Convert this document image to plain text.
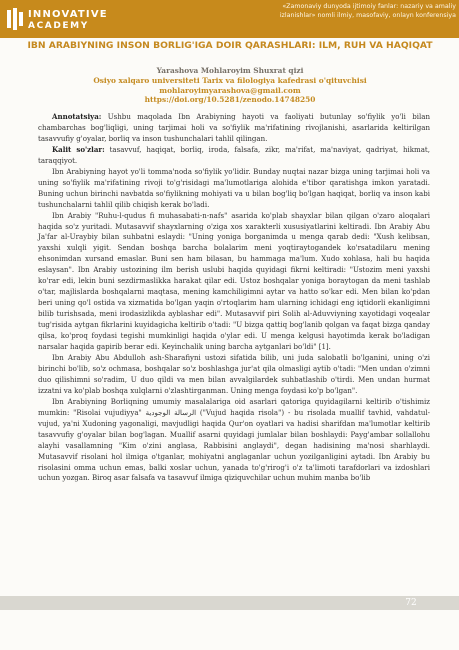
INNOVATIVE
ACADEMY
«Zamonaviy dunyoda ijtimoiy fanlar: nazariy va amaliy
izlanishlar» nomli ilmiy, masofaviy, onlayn konferensiya
IBN ARABIYNING INSON BORLIG'IGA DOIR QARASHLARI: ILM, RUH VA HAQIQAT
Yarashova Mohlaroyim Shuxrat qizi
Osiyo xalqaro universiteti Tarix va filologiya kafedrasi o'qituvchisi
mohlaroyimyarashova@gmail.com
https://doi.org/10.5281/zenodo.14748250

Annotatsiya: Ushbu maqolada Ibn Arabiyning hayoti va faoliyati butunlay so'fiylik yo'li bilan chambarchas bog'liqligi, uning tarjimai holi va so'fiylik ma'rifatining rivojlanishi, asarlarida keltirilgan tasavvufiy g'oyalar, borliq va inson tushunchalari tahlil qilingan.

Kalit so'zlar: tasavvuf, haqiqat, borliq, iroda, falsafa, zikr, ma'rifat, ma'naviyat, qadriyat, hikmat, taraqqiyot.

Ibn Arabiyning hayot yo'li tomma'noda so'fiylik yo'lidir. Bunday nuqtai nazar bizga uning tarjimai holi va uning so'fiylik ma'rifatining rivoji to'g'risidagi ma'lumotlariga alohida e'tibor qaratishga imkon yaratadi. Buning uchun birinchi navbatda so'fiylikning mohiyati va u bilan bog'liq bo'lgan haqiqat, borliq va inson kabi tushunchalarni tahlil qilib chiqish kerak bo'ladi.

Ibn Arabiy "Ruhu-l-qudus fi muhasabati-n-nafs" asarida ko'plab shayxlar bilan qilgan o'zaro aloqalari haqida so'z yuritadi. Mutasavvif shayxlarning o'ziga xos xarakterli xususiyatlarini keltiradi. Ibn Arabiy Abu Ja'far al-Uraybiy bilan suhbatni eslaydi: "Uning yoniga borganimda u menga qarab dedi: "Xush kelibsan, yaxshi xulqli yigit. Sendan boshqa barcha bolalarim meni yoqtiraytogandek ko'rsatadilaru mening ehsonimdan xursand emaslar. Buni sen ham bilasan, bu hammaga ma'lum. Xudo xohlasa, hali bu haqida eslaysan". Ibn Arabiy ustozining ilm berish uslubi haqida quyidagi fikrni keltiradi: "Ustozim meni yaxshi ko'rar edi, lekin buni sezdirmaslikka harakat qilar edi. Ustoz boshqalar yoniga boraytogan da meni tashlab o'tar, majlislarda boshqalarni maqtasa, mening kamchiligimni aytar va hatto so'kar edi. Men bilan ko'pdan beri uning qo'l ostida va xizmatida bo'lgan yaqin o'rtoqlarim ham ularning ichidagi eng iqtidorli ekanligimni bilib turishsada, meni irodasizlikda ayblashar edi". Mutasavvif piri Solih al-Aduvviyning xayotidagi voqealar tug'risida aytgan fikrlarini kuyidagicha keltirib o'tadi: "U bizga qattiq bog'lanib qolgan va faqat bizga qanday qilsa, ko'proq foydasi tegishi mumkinligi haqida o'ylar edi. U menga kelgusi hayotimda kerak bo'ladigan narsalar haqida gapirib berar edi. Keyinchalik uning barcha aytganlari bo'ldi" [1].

Ibn Arabiy Abu Abdulloh ash-Sharafiyni ustozi sifatida bilib, uni juda salobatli bo'lganini, uning o'zi birinchi bo'lib, so'z ochmasa, boshqalar so'z boshlashga jur'at qila olmasligi aytib o'tadi: "Men undan o'zimni duo qilishimni so'radim, U duo qildi va men bilan avvalgilardek suhbatlashib o'tirdi. Men undan hurmat izzatni va ko'plab boshqa xulqlarni o'zlashtirganman. Uning menga foydasi ko'p bo'lgan".

Ibn Arabiyning Borliqning umumiy masalalariga oid asarlari qatoriga quyidagilarni keltirib o'tishimiz mumkin: "Risolai vujudiyya" الرسالة الوجودية ("Vujud haqida risola") - bu risolada muallif tavhid, vahdatul-vujud, ya'ni Xudoning yagonaligi, mavjudligi haqida Qur'on oyatlari va hadisi sharifdan ma'lumotlar keltirib tasavvufiy g'oyalar bilan bog'lagan. Muallif asarni quyidagi jumlalar bilan boshlaydi: Payg'ambar sollallohu alayhi vasallamning "Kim o'zini anglasa, Rabbisini anglaydi", degan hadisining ma'nosi sharhlaydi. Mutasavvif risolani hol ilmiga o'tganlar, mohiyatni anglaganlar uchun yozilganligini aytadi. Ibn Arabiy bu risolasini omma uchun emas, balki xoslar uchun, yanada to'g'rirog'i o'z ta'limoti tarafdorlari va izdoshlari uchun yozgan. Biroq asar falsafa va tasavvuf ilmiga qiziquvchilar uchun muhim manba bo'lib

72
